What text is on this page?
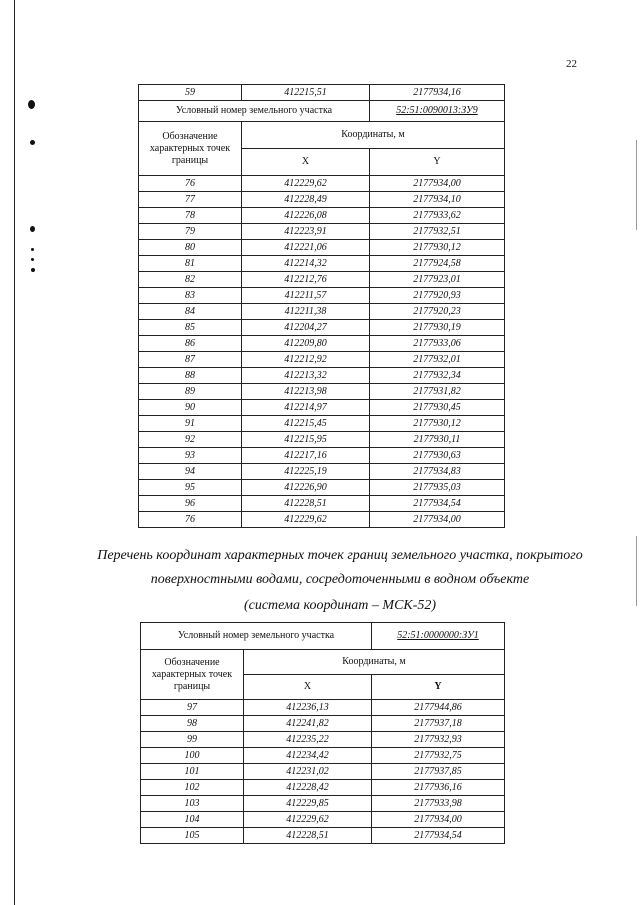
22
59	412215,51	2177934,16
Условный номер земельного участка		52:51:0090013:ЗУ9
Обозначение характерных точек границы	Координаты, м	
	X	Y
76	412229,62	2177934,00
77	412228,49	2177934,10
78	412226,08	2177933,62
79	412223,91	2177932,51
80	412221,06	2177930,12
81	412214,32	2177924,58
82	412212,76	2177923,01
83	412211,57	2177920,93
84	412211,38	2177920,23
85	412204,27	2177930,19
86	412209,80	2177933,06
87	412212,92	2177932,01
88	412213,32	2177932,34
89	412213,98	2177931,82
90	412214,97	2177930,45
91	412215,45	2177930,12
92	412215,95	2177930,11
93	412217,16	2177930,63
94	412225,19	2177934,83
95	412226,90	2177935,03
96	412228,51	2177934,54
76	412229,62	2177934,00
Перечень координат характерных точек границ земельного участка, покрытого
поверхностными водами, сосредоточенными в водном объекте
(система координат – МСК-52)
Условный номер земельного участка		52:51:0000000:ЗУ1
Обозначение характерных точек границы	Координаты, м	
	X	Y
97	412236,13	2177944,86
98	412241,82	2177937,18
99	412235,22	2177932,93
100	412234,42	2177932,75
101	412231,02	2177937,85
102	412228,42	2177936,16
103	412229,85	2177933,98
104	412229,62	2177934,00
105	412228,51	2177934,54
